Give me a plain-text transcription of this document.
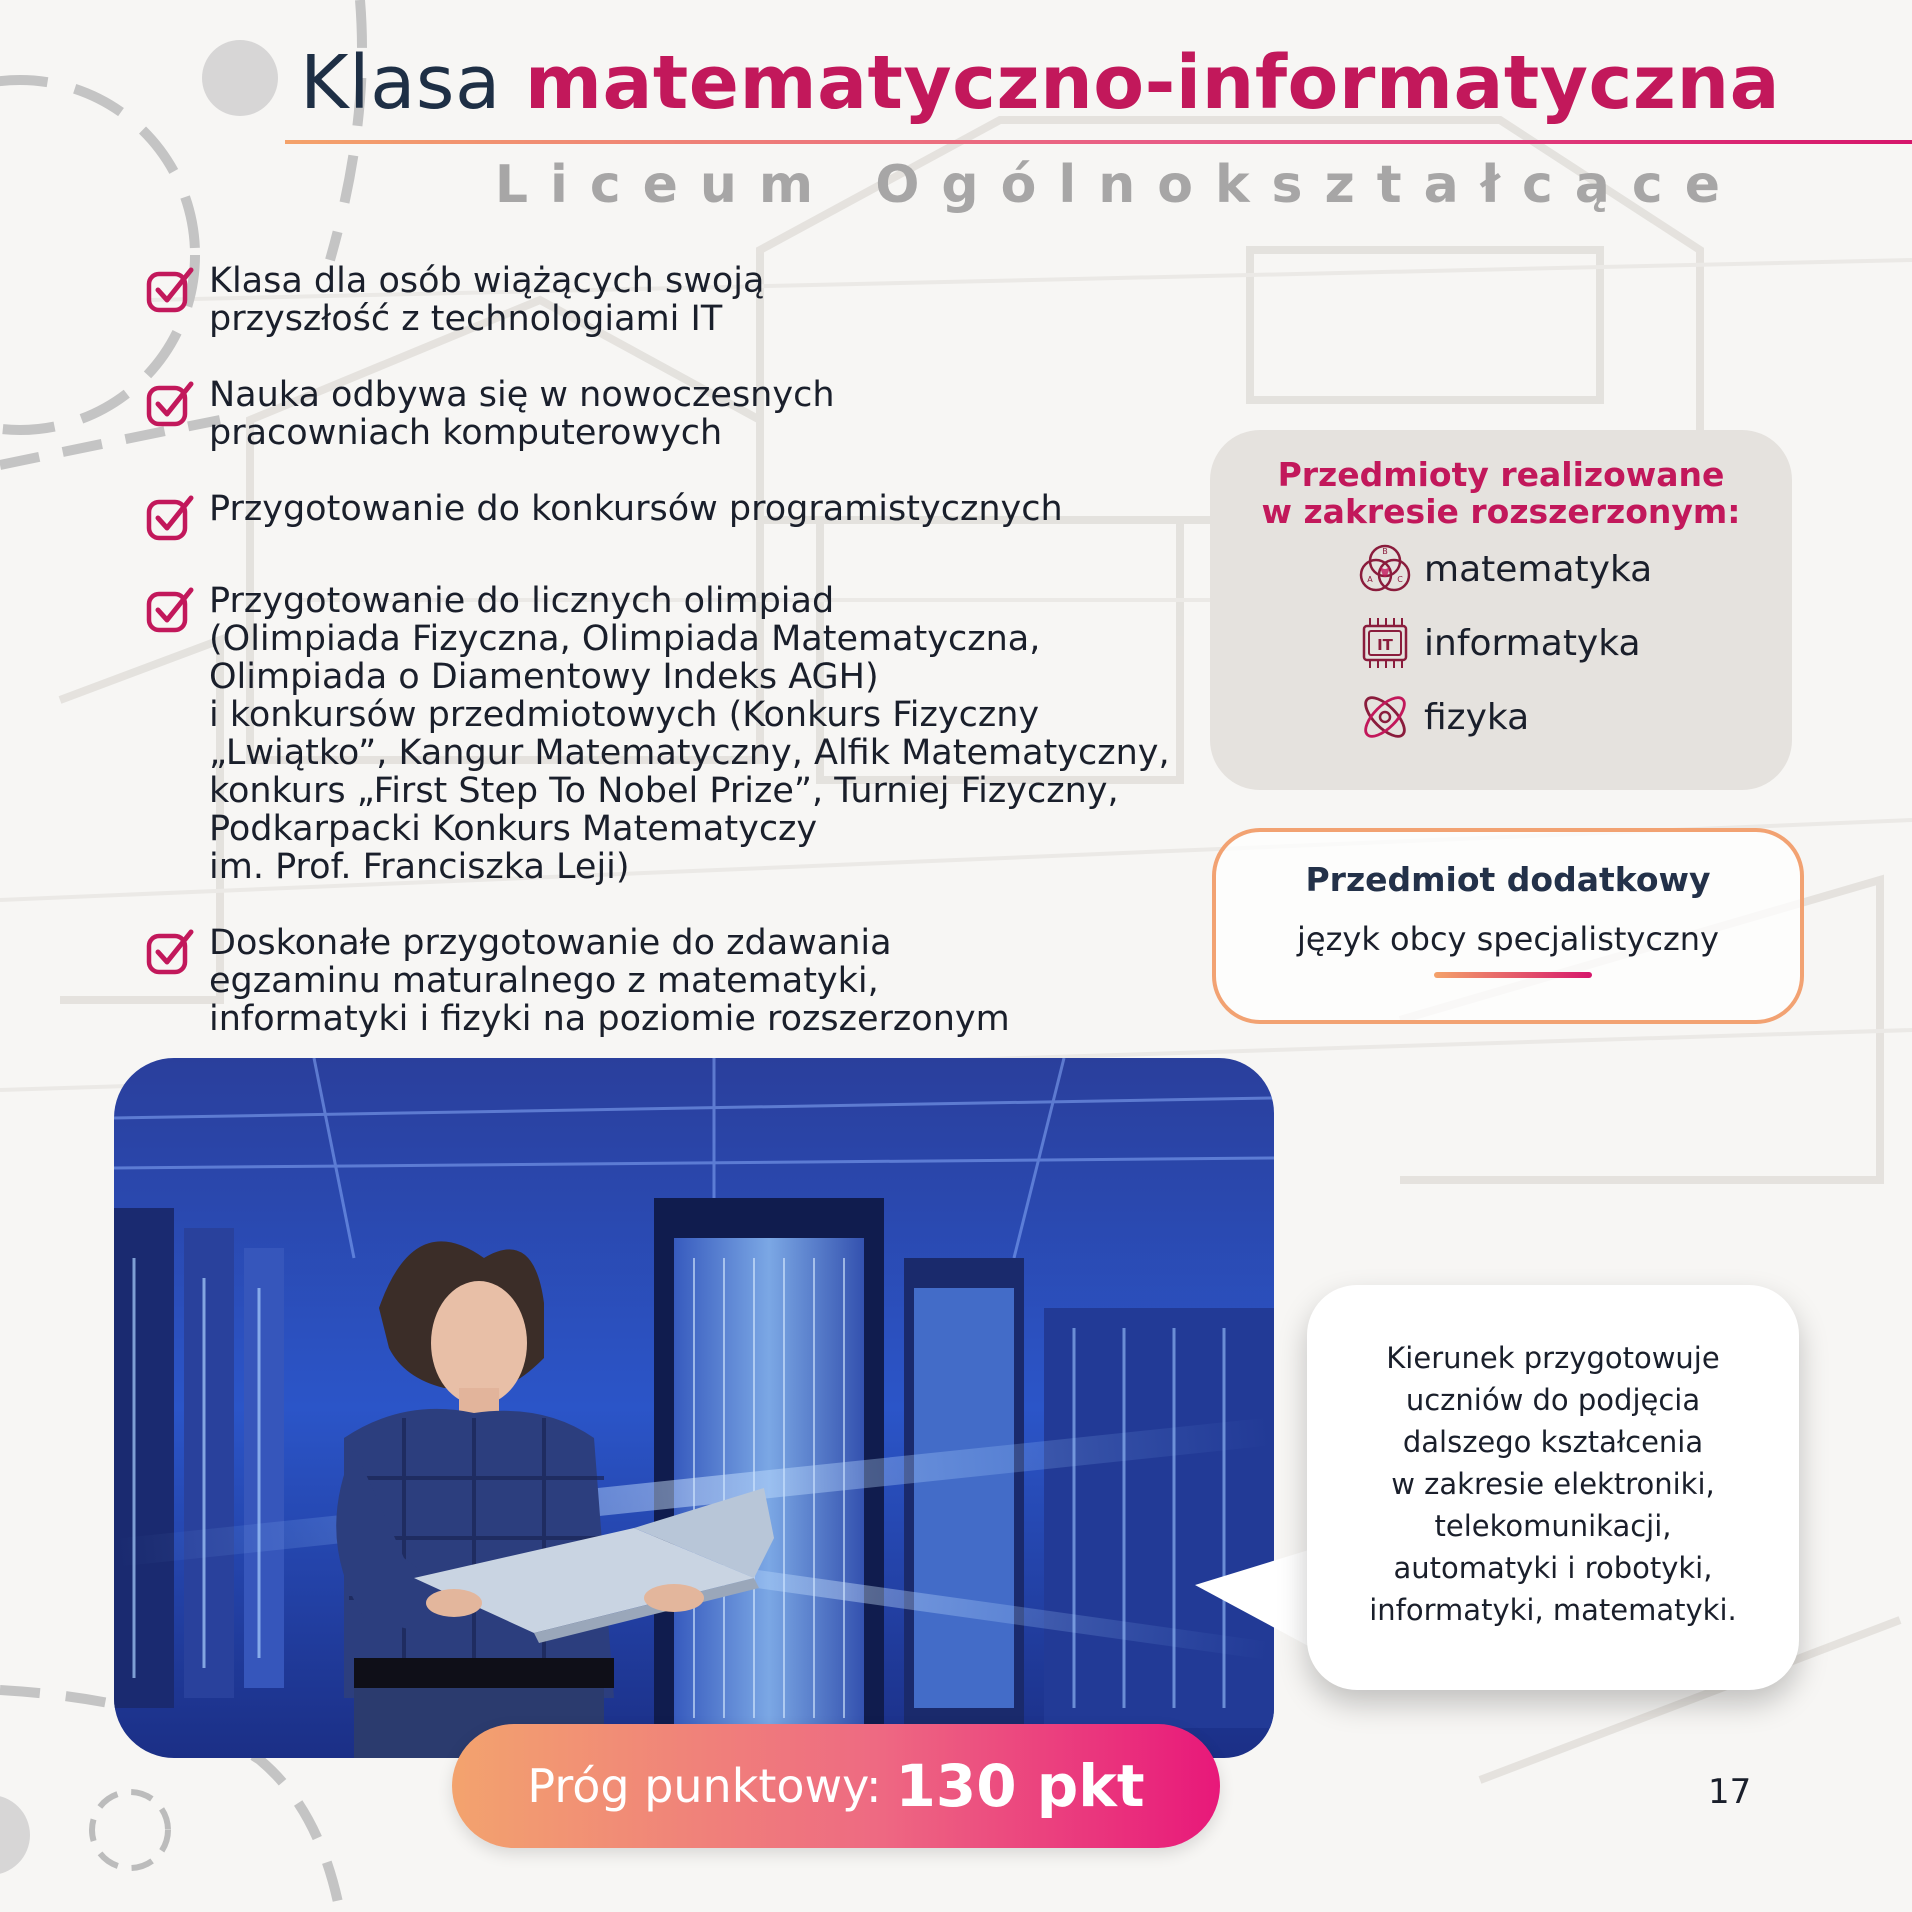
Klasa matematyczno-informatyczna
Liceum Ogólnokształcące
Klasa dla osób wiążących swoją
przyszłość z technologiami IT
Nauka odbywa się w nowoczesnych
pracowniach komputerowych
Przygotowanie do konkursów programistycznych
Przygotowanie do licznych olimpiad
(Olimpiada Fizyczna, Olimpiada Matematyczna,
Olimpiada o Diamentowy Indeks AGH)
i konkursów przedmiotowych (Konkurs Fizyczny
„Lwiątko”, Kangur Matematyczny, Alfik Matematyczny,
konkurs „First Step To Nobel Prize”, Turniej Fizyczny,
Podkarpacki Konkurs Matematyczy
im. Prof. Franciszka Leji)
Doskonałe przygotowanie do zdawania
egzaminu maturalnego z matematyki,
informatyki i fizyki na poziomie rozszerzonym
Przedmioty realizowane
w zakresie rozszerzonym:
B
A	C matematyka
IT informatyka
fizyka
Przedmiot dodatkowy
język obcy specjalistyczny
Kierunek przygotowuje
uczniów do podjęcia
dalszego kształcenia
w zakresie elektroniki,
telekomunikacji,
automatyki i robotyki,
informatyki, matematyki.
Próg punktowy: 130 pkt	17
